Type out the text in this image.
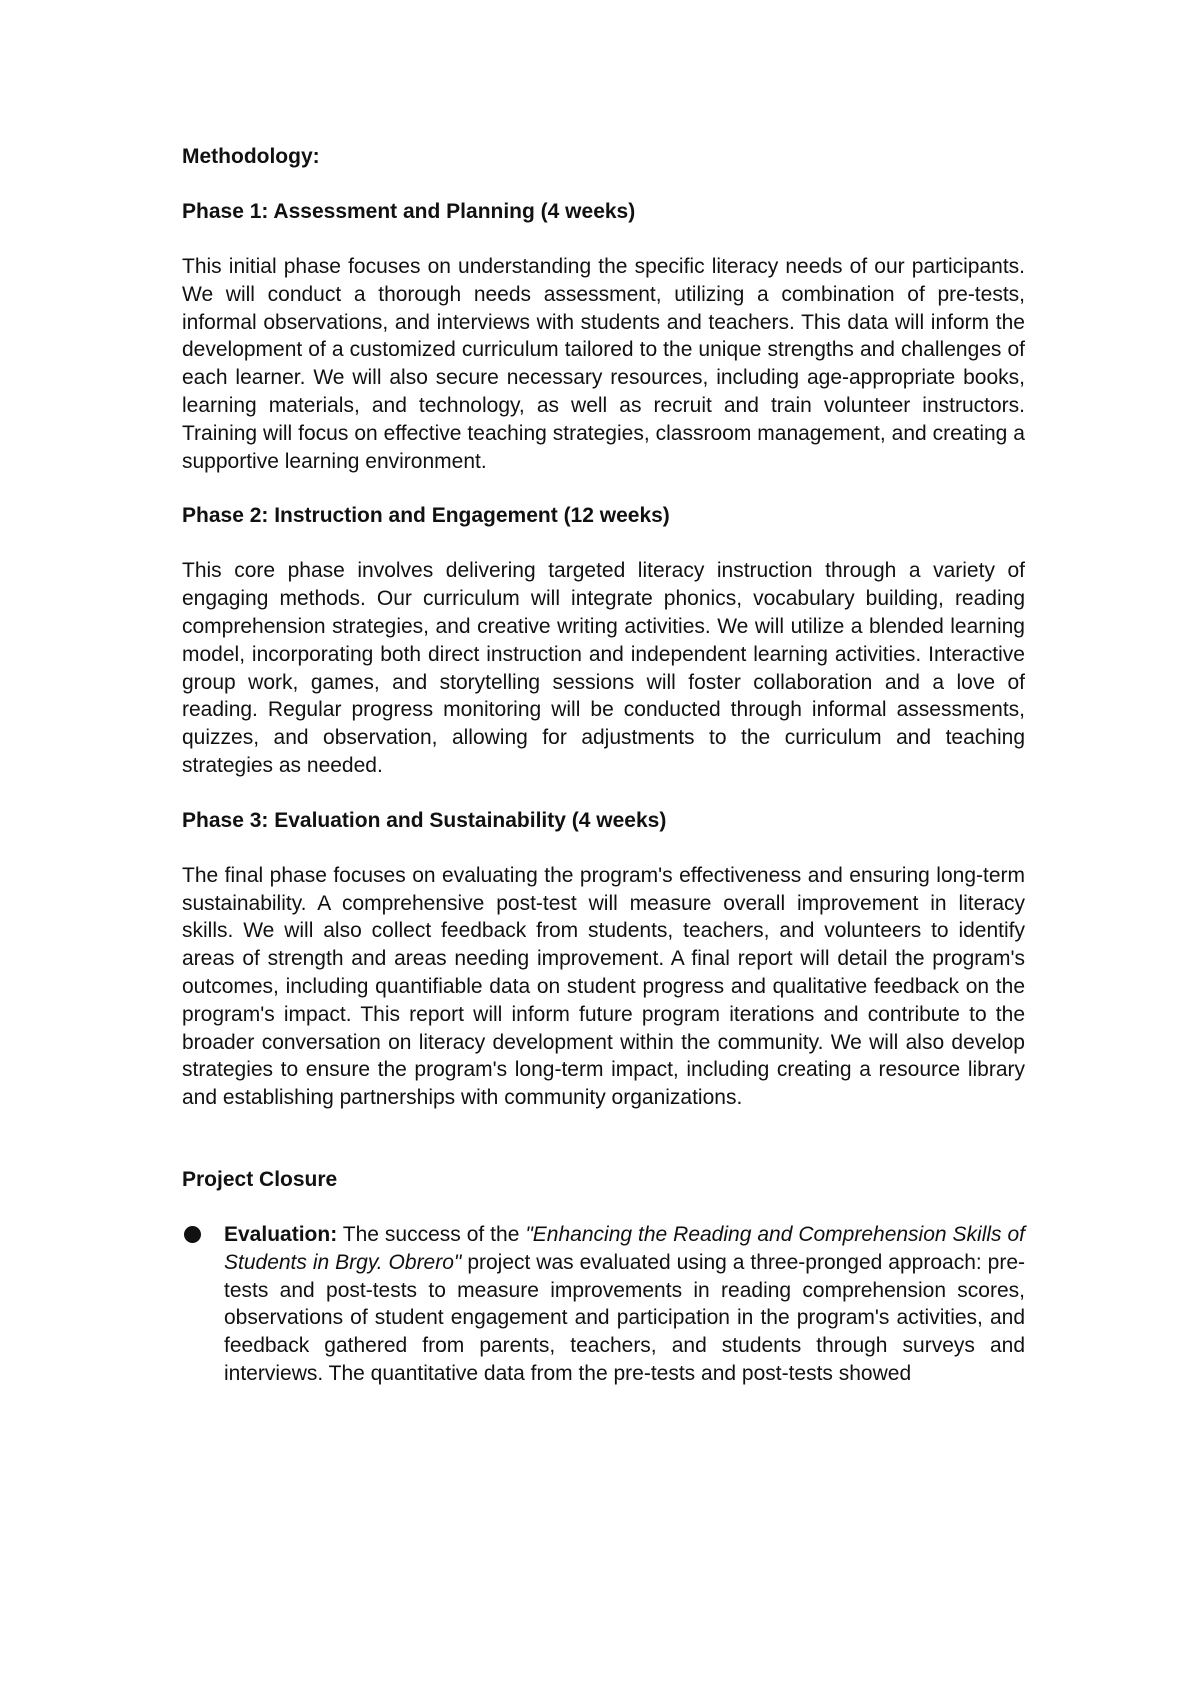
Methodology:

Phase 1: Assessment and Planning (4 weeks)

This initial phase focuses on understanding the specific literacy needs of our participants. We will conduct a thorough needs assessment, utilizing a combination of pre-tests, informal observations, and interviews with students and teachers. This data will inform the development of a customized curriculum tailored to the unique strengths and challenges of each learner. We will also secure necessary resources, including age-appropriate books, learning materials, and technology, as well as recruit and train volunteer instructors. Training will focus on effective teaching strategies, classroom management, and creating a supportive learning environment.

Phase 2: Instruction and Engagement (12 weeks)

This core phase involves delivering targeted literacy instruction through a variety of engaging methods. Our curriculum will integrate phonics, vocabulary building, reading comprehension strategies, and creative writing activities. We will utilize a blended learning model, incorporating both direct instruction and independent learning activities. Interactive group work, games, and storytelling sessions will foster collaboration and a love of reading. Regular progress monitoring will be conducted through informal assessments, quizzes, and observation, allowing for adjustments to the curriculum and teaching strategies as needed.

Phase 3: Evaluation and Sustainability (4 weeks)

The final phase focuses on evaluating the program's effectiveness and ensuring long-term sustainability. A comprehensive post-test will measure overall improvement in literacy skills. We will also collect feedback from students, teachers, and volunteers to identify areas of strength and areas needing improvement. A final report will detail the program's outcomes, including quantifiable data on student progress and qualitative feedback on the program's impact. This report will inform future program iterations and contribute to the broader conversation on literacy development within the community. We will also develop strategies to ensure the program's long-term impact, including creating a resource library and establishing partnerships with community organizations.

Project Closure

Evaluation: The success of the "Enhancing the Reading and Comprehension Skills of Students in Brgy. Obrero" project was evaluated using a three-pronged approach: pre-tests and post-tests to measure improvements in reading comprehension scores, observations of student engagement and participation in the program's activities, and feedback gathered from parents, teachers, and students through surveys and interviews. The quantitative data from the pre-tests and post-tests showed
